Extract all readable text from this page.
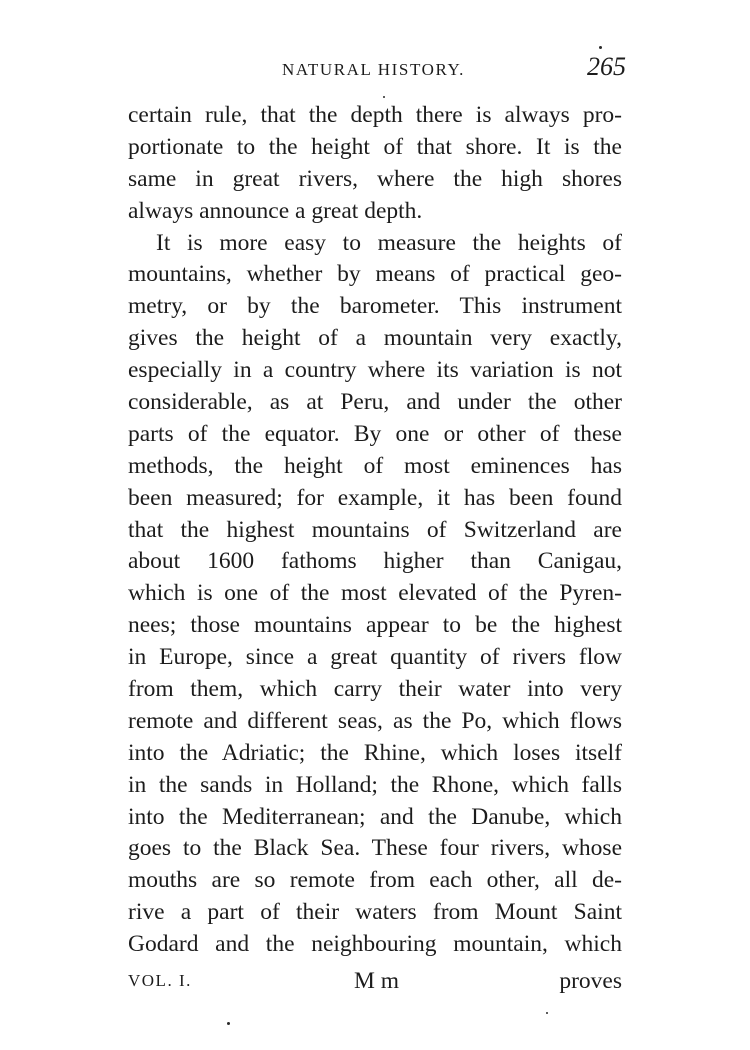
NATURAL HISTORY.	265
certain rule, that the depth there is always pro-
portionate to the height of that shore. It is the
same in great rivers, where the high shores
always announce a great depth.
It is more easy to measure the heights of
mountains, whether by means of practical geo-
metry, or by the barometer. This instrument
gives the height of a mountain very exactly,
especially in a country where its variation is not
considerable, as at Peru, and under the other
parts of the equator. By one or other of these
methods, the height of most eminences has
been measured; for example, it has been found
that the highest mountains of Switzerland are
about 1600 fathoms higher than Canigau,
which is one of the most elevated of the Pyren-
nees; those mountains appear to be the highest
in Europe, since a great quantity of rivers flow
from them, which carry their water into very
remote and different seas, as the Po, which flows
into the Adriatic; the Rhine, which loses itself
in the sands in Holland; the Rhone, which falls
into the Mediterranean; and the Danube, which
goes to the Black Sea. These four rivers, whose
mouths are so remote from each other, all de-
rive a part of their waters from Mount Saint
Godard and the neighbouring mountain, which
VOL. I.	M m	proves
